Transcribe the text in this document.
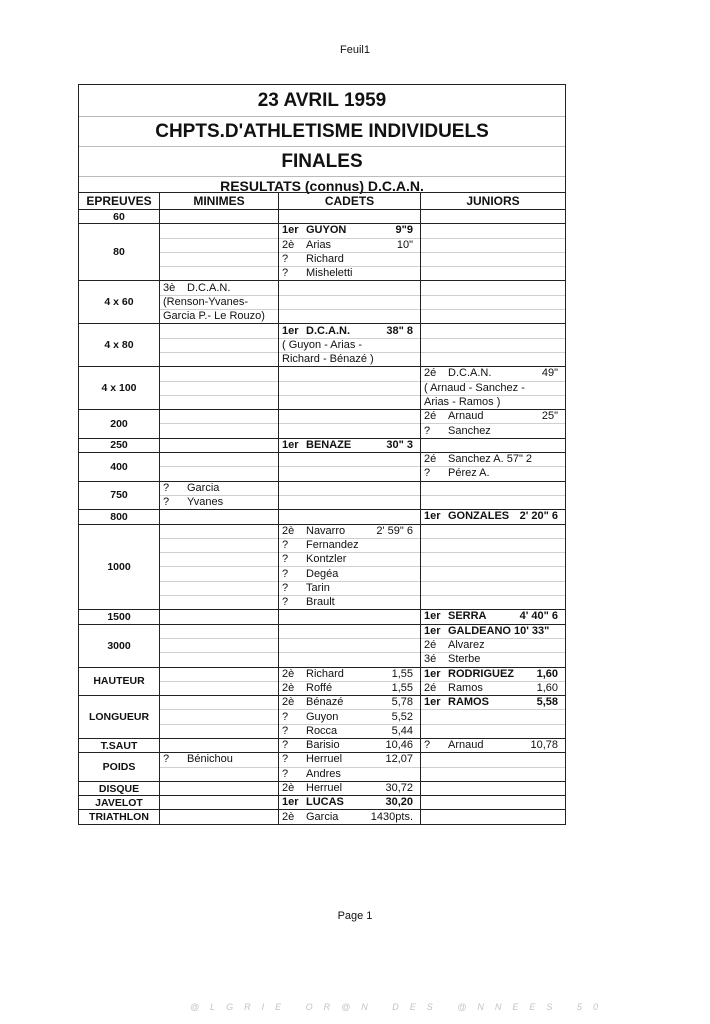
Feuil1
23 AVRIL 1959
CHPTS.D'ATHLETISME INDIVIDUELS
FINALES
RESULTATS (connus) D.C.A.N.
EPREUVES	MINIMES	CADETS	JUNIORS
60			
80		1er GUYON 9"9	

		2è Arias 10"	

		? Richard	

		? Misheletti	

4 x 60	3è D.C.A.N.		

	(Renson-Yvanes-		

	Garcia P.- Le Rouzo)		

4 x 80		1er D.C.A.N. 38" 8	

		( Guyon - Arias -	

		Richard - Bénazé )	

4 x 100			2é D.C.A.N. 49"

			( Arnaud - Sanchez -

			Arias - Ramos )

200			2é Arnaud 25"

			? Sanchez

250		1er BENAZE 30" 3	

400			2é Sanchez A. 57" 2

			? Pérez A.

750	? Garcia		

	? Yvanes		

800			1er GONZALES 2' 20" 6

1000		2è Navarro 2' 59" 6	

		? Fernandez	

		? Kontzler	

		? Degéa	

		? Tarin	

		? Brault	

1500			1er SERRA 4' 40" 6

3000			1er GALDEANO 10' 33"

			2é Alvarez

			3é Sterbe

HAUTEUR		2è Richard 1,55	1er RODRIGUEZ 1,60

		2è Roffé 1,55	2é Ramos 1,60

LONGUEUR		2è Bénazé 5,78	1er RAMOS 5,58

		? Guyon 5,52	

		? Rocca 5,44	

T.SAUT		? Barisio 10,46	? Arnaud 10,78

POIDS	? Bénichou	? Herruel 12,07	

		? Andres	

DISQUE		2è Herruel 30,72	

JAVELOT		1er LUCAS 30,20	

TRIATHLON		2è Garcia 1430pts.	

Page 1
@LGRIE OR@N DES @NNEES 50
